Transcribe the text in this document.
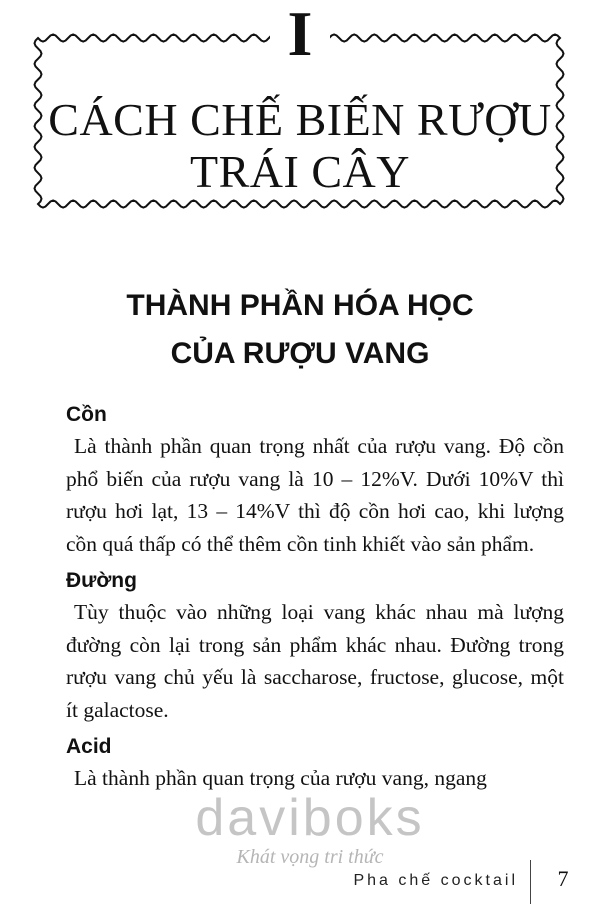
I
CÁCH CHẾ BIẾN RƯỢU
TRÁI CÂY
THÀNH PHẦN HÓA HỌC
CỦA RƯỢU VANG
Cồn

Là thành phần quan trọng nhất của rượu vang. Độ cồn phổ biến của rượu vang là 10 – 12%V. Dưới 10%V thì rượu hơi lạt, 13 – 14%V thì độ cồn hơi cao, khi lượng cồn quá thấp có thể thêm cồn tinh khiết vào sản phẩm.

Đường

Tùy thuộc vào những loại vang khác nhau mà lượng đường còn lại trong sản phẩm khác nhau. Đường trong rượu vang chủ yếu là saccharose, fructose, glucose, một ít galactose.

Acid

Là thành phần quan trọng của rượu vang, ngang

daviboks
Khát vọng tri thức
Pha chế cocktail	7
